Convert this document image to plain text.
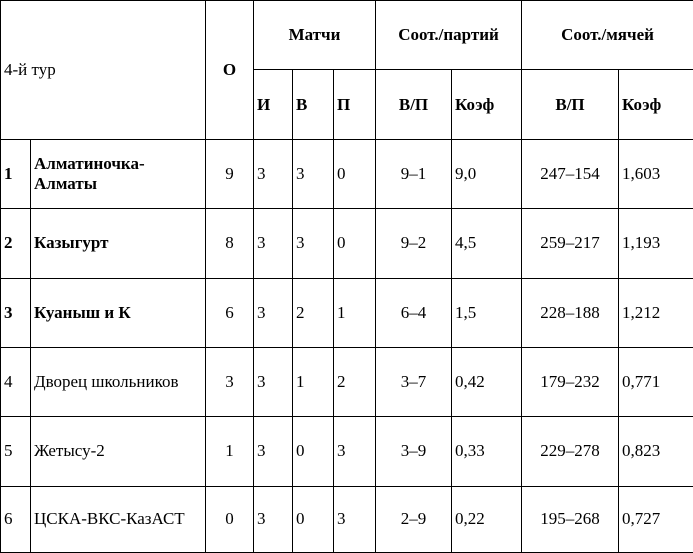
4-й тур		О	Матчи			Соот./партий		Соот./мячей	
			И	В	П	В/П	Коэф	В/П	Коэф
1	Алматиночка-Алматы	9	3	3	0	9–1	9,0	247–154	1,603
2	Казыгурт	8	3	3	0	9–2	4,5	259–217	1,193
3	Куаныш и К	6	3	2	1	6–4	1,5	228–188	1,212
4	Дворец школьников	3	3	1	2	3–7	0,42	179–232	0,771
5	Жетысу-2	1	3	0	3	3–9	0,33	229–278	0,823
6	ЦСКА-ВКС-КазАСТ	0	3	0	3	2–9	0,22	195–268	0,727
